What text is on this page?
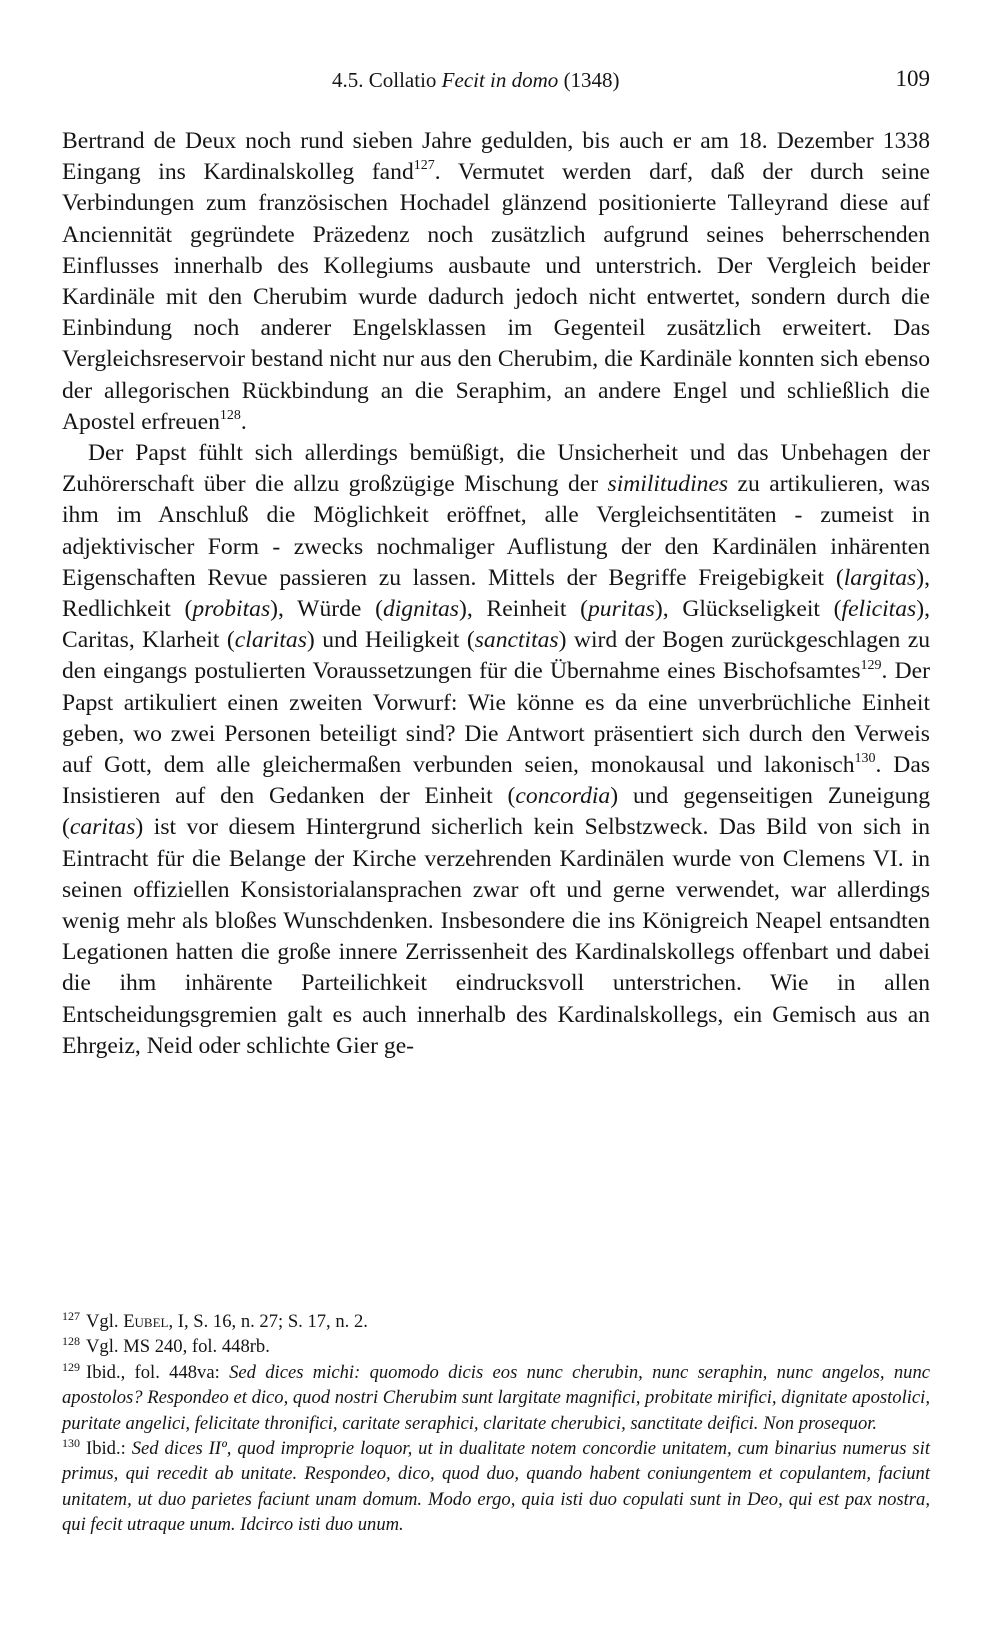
4.5. Collatio Fecit in domo (1348)	109

Bertrand de Deux noch rund sieben Jahre gedulden, bis auch er am 18. Dezember 1338 Eingang ins Kardinalskolleg fand$^{127}$. Vermutet werden darf, daß der durch seine Verbindungen zum französischen Hochadel glänzend positionierte Talleyrand diese auf Anciennität gegründete Präzedenz noch zusätzlich aufgrund seines beherrschenden Einflusses innerhalb des Kollegiums ausbaute und unterstrich. Der Vergleich beider Kardinäle mit den Cherubim wurde dadurch jedoch nicht entwertet, sondern durch die Einbindung noch anderer Engelsklassen im Gegenteil zusätzlich erweitert. Das Vergleichsreservoir bestand nicht nur aus den Cherubim, die Kardinäle konnten sich ebenso der allegorischen Rückbindung an die Seraphim, an andere Engel und schließlich die Apostel erfreuen$^{128}$.

Der Papst fühlt sich allerdings bemüßigt, die Unsicherheit und das Unbehagen der Zuhörerschaft über die allzu großzügige Mischung der similitudines zu artikulieren, was ihm im Anschluß die Möglichkeit eröffnet, alle Vergleichsentitäten - zumeist in adjektivischer Form - zwecks nochmaliger Auflistung der den Kardinälen inhärenten Eigenschaften Revue passieren zu lassen. Mittels der Begriffe Freigebigkeit (largitas), Redlichkeit (probitas), Würde (dignitas), Reinheit (puritas), Glückseligkeit (felicitas), Caritas, Klarheit (claritas) und Heiligkeit (sanctitas) wird der Bogen zurückgeschlagen zu den eingangs postulierten Voraussetzungen für die Übernahme eines Bischofsamtes$^{129}$. Der Papst artikuliert einen zweiten Vorwurf: Wie könne es da eine unverbrüchliche Einheit geben, wo zwei Personen beteiligt sind? Die Antwort präsentiert sich durch den Verweis auf Gott, dem alle gleichermaßen verbunden seien, monokausal und lakonisch$^{130}$. Das Insistieren auf den Gedanken der Einheit (concordia) und gegenseitigen Zuneigung (caritas) ist vor diesem Hintergrund sicherlich kein Selbstzweck. Das Bild von sich in Eintracht für die Belange der Kirche verzehrenden Kardinälen wurde von Clemens VI. in seinen offiziellen Konsistorialansprachen zwar oft und gerne verwendet, war allerdings wenig mehr als bloßes Wunschdenken. Insbesondere die ins Königreich Neapel entsandten Legationen hatten die große innere Zerrissenheit des Kardinalskollegs offenbart und dabei die ihm inhärente Parteilichkeit eindrucksvoll unterstrichen. Wie in allen Entscheidungsgremien galt es auch innerhalb des Kardinalskollegs, ein Gemisch aus an Ehrgeiz, Neid oder schlichte Gier ge-

$^{127}$ Vgl. Eubel, I, S. 16, n. 27; S. 17, n. 2.

$^{128}$ Vgl. MS 240, fol. 448rb.

$^{129}$ Ibid., fol. 448va: Sed dices michi: quomodo dicis eos nunc cherubin, nunc seraphin, nunc angelos, nunc apostolos? Respondeo et dico, quod nostri Cherubim sunt largitate magnifici, probitate mirifici, dignitate apostolici, puritate angelici, felicitate thronifici, caritate seraphici, claritate cherubici, sanctitate deifici. Non prosequor.

$^{130}$ Ibid.: Sed dices IIº, quod improprie loquor, ut in dualitate notem concordie unitatem, cum binarius numerus sit primus, qui recedit ab unitate. Respondeo, dico, quod duo, quando habent coniungentem et copulantem, faciunt unitatem, ut duo parietes faciunt unam domum. Modo ergo, quia isti duo copulati sunt in Deo, qui est pax nostra, qui fecit utraque unum. Idcirco isti duo unum.
